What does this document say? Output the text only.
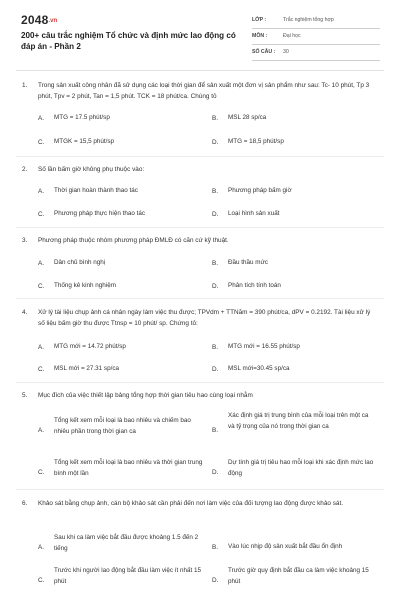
2048.vn
200+ câu trắc nghiệm Tổ chức và định mức lao động có đáp án - Phần 2
LỚP :	Trắc nghiệm tổng hợp
MÔN :	Đại học
SỐ CÂU : 30
1. Trong sản xuất công nhân đã sử dụng các loại thời gian để sản xuất một đơn vị sản phẩm như sau: Tc- 10 phút, Tp 3 phút, Tpv = 2 phút, Tan = 1,5 phút. TCK = 18 phút/ca. Chúng tỏ
A. MTG = 17.5 phút/sp	B. MSL 28 sp/ca
C. MTGK = 15,5 phút/sp	D. MTG = 18,5 phút/sp
2. Số lần bấm giờ không phụ thuộc vào:
A. Thời gian hoàn thành thao tác	B. Phương pháp bấm giờ
C. Phương pháp thực hiện thao tác	D. Loại hình sản xuất
3. Phương pháp thuộc nhóm phương pháp ĐMLĐ có căn cứ kỹ thuật.
A. Dân chủ bình nghị	B. Đầu thầu mức
C. Thống kê kinh nghiệm	D. Phân tích tính toán
4. Xử lý tài liệu chụp ảnh cá nhân ngày làm việc thu được; TPVdm + TTNăm = 390 phút/ca, dPV = 0.2192. Tài liệu xử lý số liệu bấm giờ thu được Ttnsp = 10 phút/ sp. Chứng tỏ:
A. MTG mới = 14.72 phút/sp	B. MTG mới = 16.55 phút/sp
C. MSL mới = 27.31 sp/ca	D. MSL mới=30.45 sp/ca
5. Mục đích của việc thiết lập bảng tổng hợp thời gian tiêu hao cùng loại nhằm
A.
Tổng kết xem mỗi loại là bao nhiêu và chiếm bao nhiêu phần trong thời gian ca	B.
Xác định giá trị trung bình của mỗi loại trên một ca và tỷ trọng của nó trong thời gian ca
C.
Tổng kết xem mỗi loại là bao nhiêu và thời gian trung bình một lần	D.
Dự tính giá trị tiêu hao mỗi loại khi xác định mức lao động
6. Khảo sát bằng chụp ảnh, cán bộ khảo sát cần phải đến nơi làm việc của đối tượng lao động được khảo sát.
A.
Sau khi ca làm việc bắt đầu được khoảng 1.5 đến 2 tiếng	B. Vào lúc nhịp độ sản xuất bắt đầu ổn định
C.
Trước khi người lao động bắt đầu làm việc ít nhất 15 phút	D.
Trước giờ quy định bắt đầu ca làm việc khoảng 15 phút
